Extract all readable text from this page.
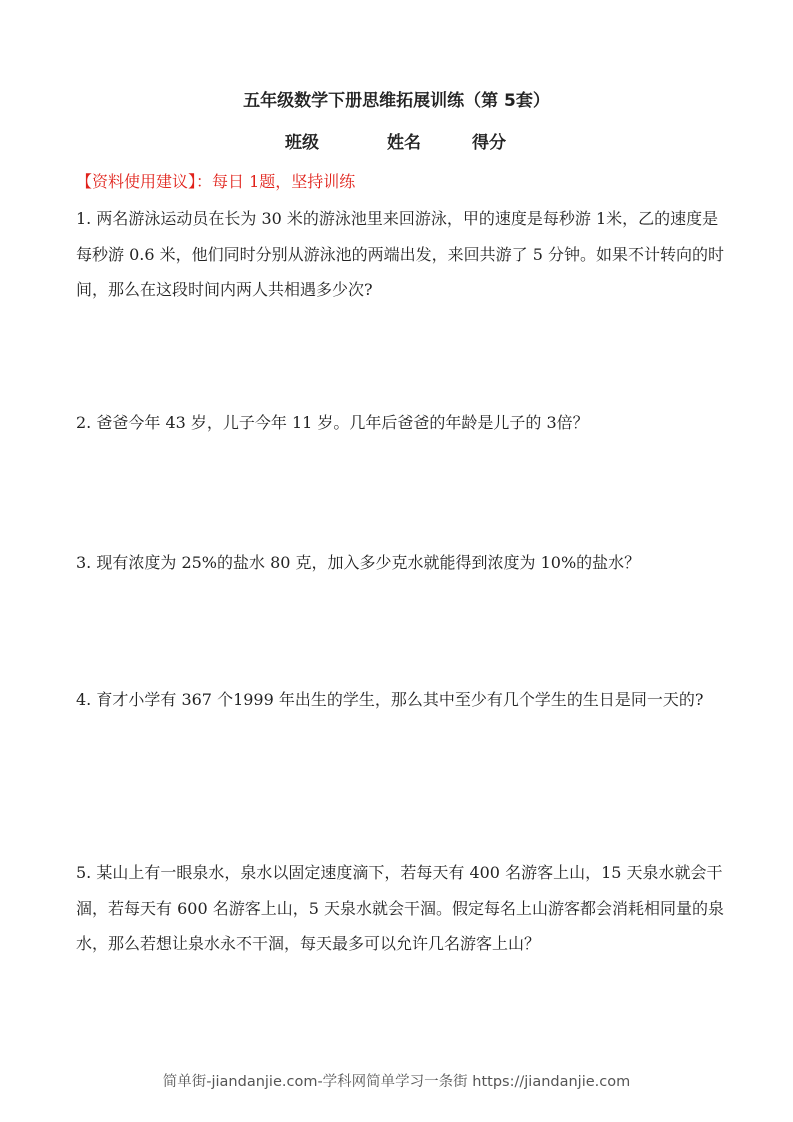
五年级数学下册思维拓展训练（第 5套）
班级	姓名	得分
【资料使用建议】：每日 1题，坚持训练

1. 两名游泳运动员在长为 30 米的游泳池里来回游泳，甲的速度是每秒游 1米，乙的速度是每秒游 0.6 米，他们同时分别从游泳池的两端出发，来回共游了 5 分钟。如果不计转向的时间，那么在这段时间内两人共相遇多少次?

2. 爸爸今年 43 岁，儿子今年 11 岁。几年后爸爸的年龄是儿子的 3倍？

3. 现有浓度为 25%的盐水 80 克，加入多少克水就能得到浓度为 10%的盐水？

4. 育才小学有 367 个1999 年出生的学生，那么其中至少有几个学生的生日是同一天的?

5. 某山上有一眼泉水，泉水以固定速度滴下，若每天有 400 名游客上山，15 天泉水就会干涸，若每天有 600 名游客上山，5 天泉水就会干涸。假定每名上山游客都会消耗相同量的泉水，那么若想让泉水永不干涸，每天最多可以允许几名游客上山？

简单街-jiandanjie.com-学科网简单学习一条街 https://jiandanjie.com
